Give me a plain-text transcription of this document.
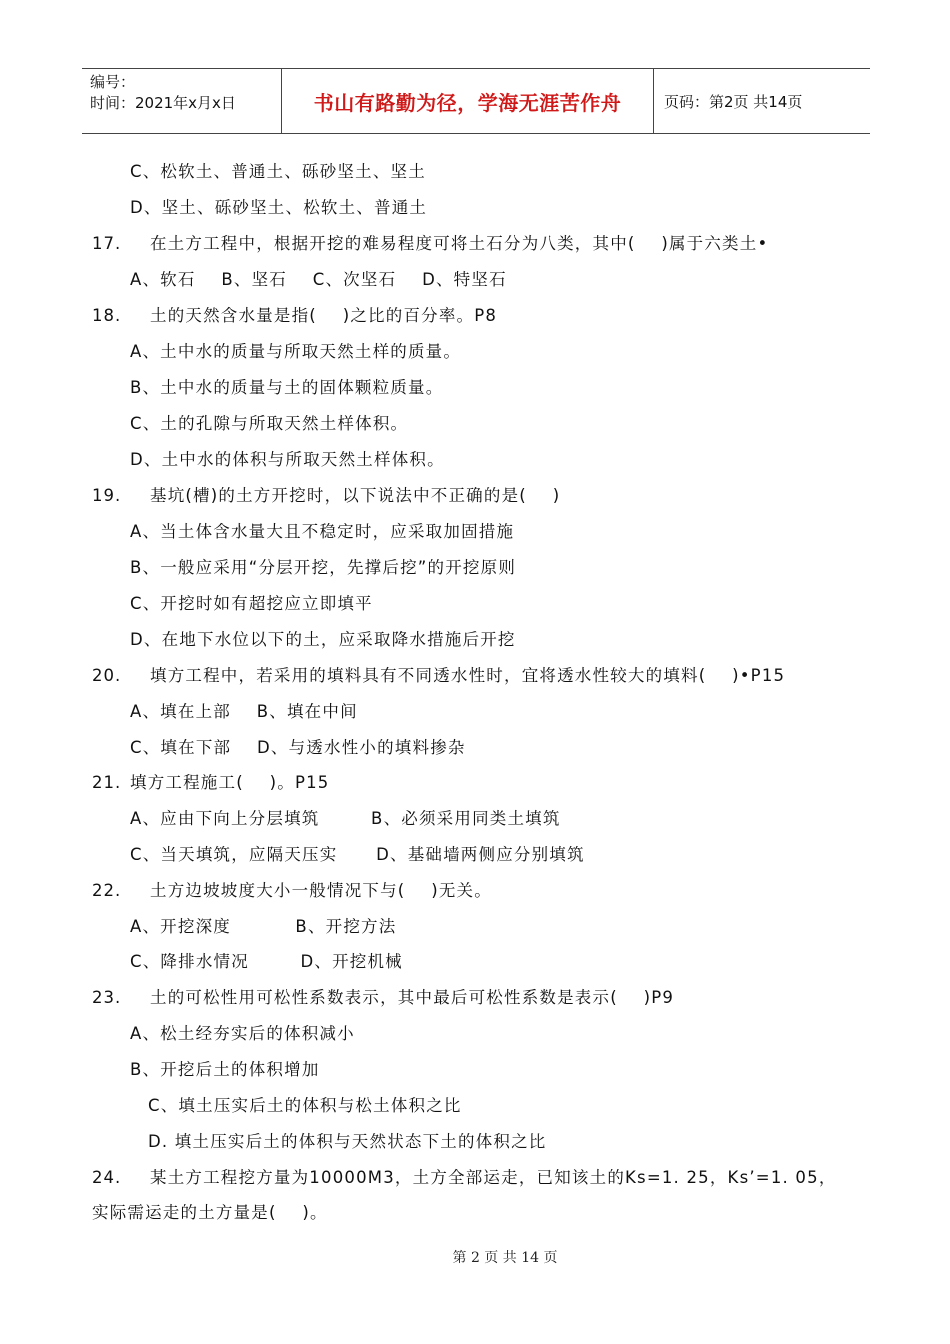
编号：
时间：2021年x月x日	书山有路勤为径，学海无涯苦作舟	页码：第2页 共14页
C、松软土、普通土、砾砂坚土、坚土
D、坚土、砾砂坚土、松软土、普通土
17. 在土方工程中，根据开挖的难易程度可将土石分为八类，其中(    )属于六类土•
A、软石    B、坚石    C、次坚石    D、特坚石
18. 土的天然含水量是指(    )之比的百分率。P8
A、土中水的质量与所取天然土样的质量。
B、土中水的质量与土的固体颗粒质量。
C、土的孔隙与所取天然土样体积。
D、土中水的体积与所取天然土样体积。
19. 基坑(槽)的土方开挖时，以下说法中不正确的是(    )
A、当土体含水量大且不稳定时，应采取加固措施
B、一般应采用“分层开挖，先撑后挖”的开挖原则
C、开挖时如有超挖应立即填平
D、在地下水位以下的土，应采取降水措施后开挖
20. 填方工程中，若采用的填料具有不同透水性时，宜将透水性较大的填料(    )•P15
A、填在上部    B、填在中间
C、填在下部    D、与透水性小的填料掺杂
21. 填方工程施工(    )。P15
A、应由下向上分层填筑        B、必须采用同类土填筑
C、当天填筑，应隔天压实      D、基础墙两侧应分别填筑
22. 土方边坡坡度大小一般情况下与(    )无关。
A、开挖深度          B、开挖方法
C、降排水情况        D、开挖机械
23. 土的可松性用可松性系数表示，其中最后可松性系数是表示(    )P9
A、松土经夯实后的体积减小
B、开挖后土的体积增加
C、填土压实后土的体积与松土体积之比
D. 填土压实后土的体积与天然状态下土的体积之比
24. 某土方工程挖方量为10000M3，土方全部运走，已知该土的Ks=1. 25，Ks’=1. 05，
实际需运走的土方量是(    )。
第 2 页 共 14 页
